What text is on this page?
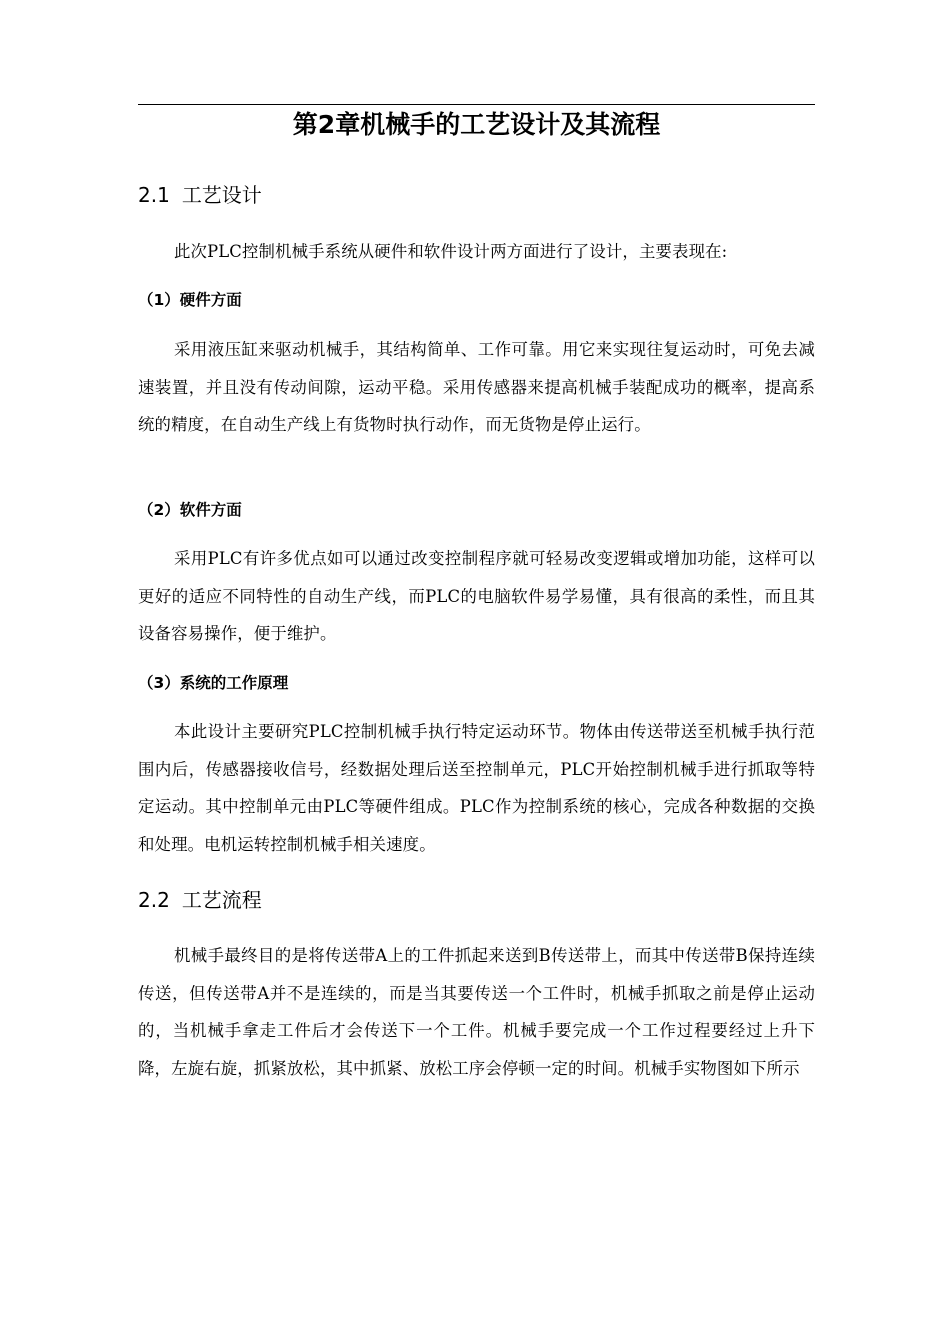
第2章机械手的工艺设计及其流程
2.1 工艺设计

此次PLC控制机械手系统从硬件和软件设计两方面进行了设计，主要表现在:

（1）硬件方面

采用液压缸来驱动机械手，其结构简单、工作可靠。用它来实现往复运动时，可免去减速装置，并且没有传动间隙，运动平稳。采用传感器来提高机械手装配成功的概率，提高系统的精度，在自动生产线上有货物时执行动作，而无货物是停止运行。

（2）软件方面

采用PLC有许多优点如可以通过改变控制程序就可轻易改变逻辑或增加功能，这样可以更好的适应不同特性的自动生产线，而PLC的电脑软件易学易懂，具有很高的柔性，而且其设备容易操作，便于维护。

（3）系统的工作原理

本此设计主要研究PLC控制机械手执行特定运动环节。物体由传送带送至机械手执行范围内后，传感器接收信号，经数据处理后送至控制单元，PLC开始控制机械手进行抓取等特定运动。其中控制单元由PLC等硬件组成。PLC作为控制系统的核心，完成各种数据的交换和处理。电机运转控制机械手相关速度。

2.2 工艺流程

机械手最终目的是将传送带A上的工件抓起来送到B传送带上，而其中传送带B保持连续传送，但传送带A并不是连续的，而是当其要传送一个工件时，机械手抓取之前是停止运动的，当机械手拿走工件后才会传送下一个工件。机械手要完成一个工作过程要经过上升下降，左旋右旋，抓紧放松，其中抓紧、放松工序会停顿一定的时间。机械手实物图如下所示
